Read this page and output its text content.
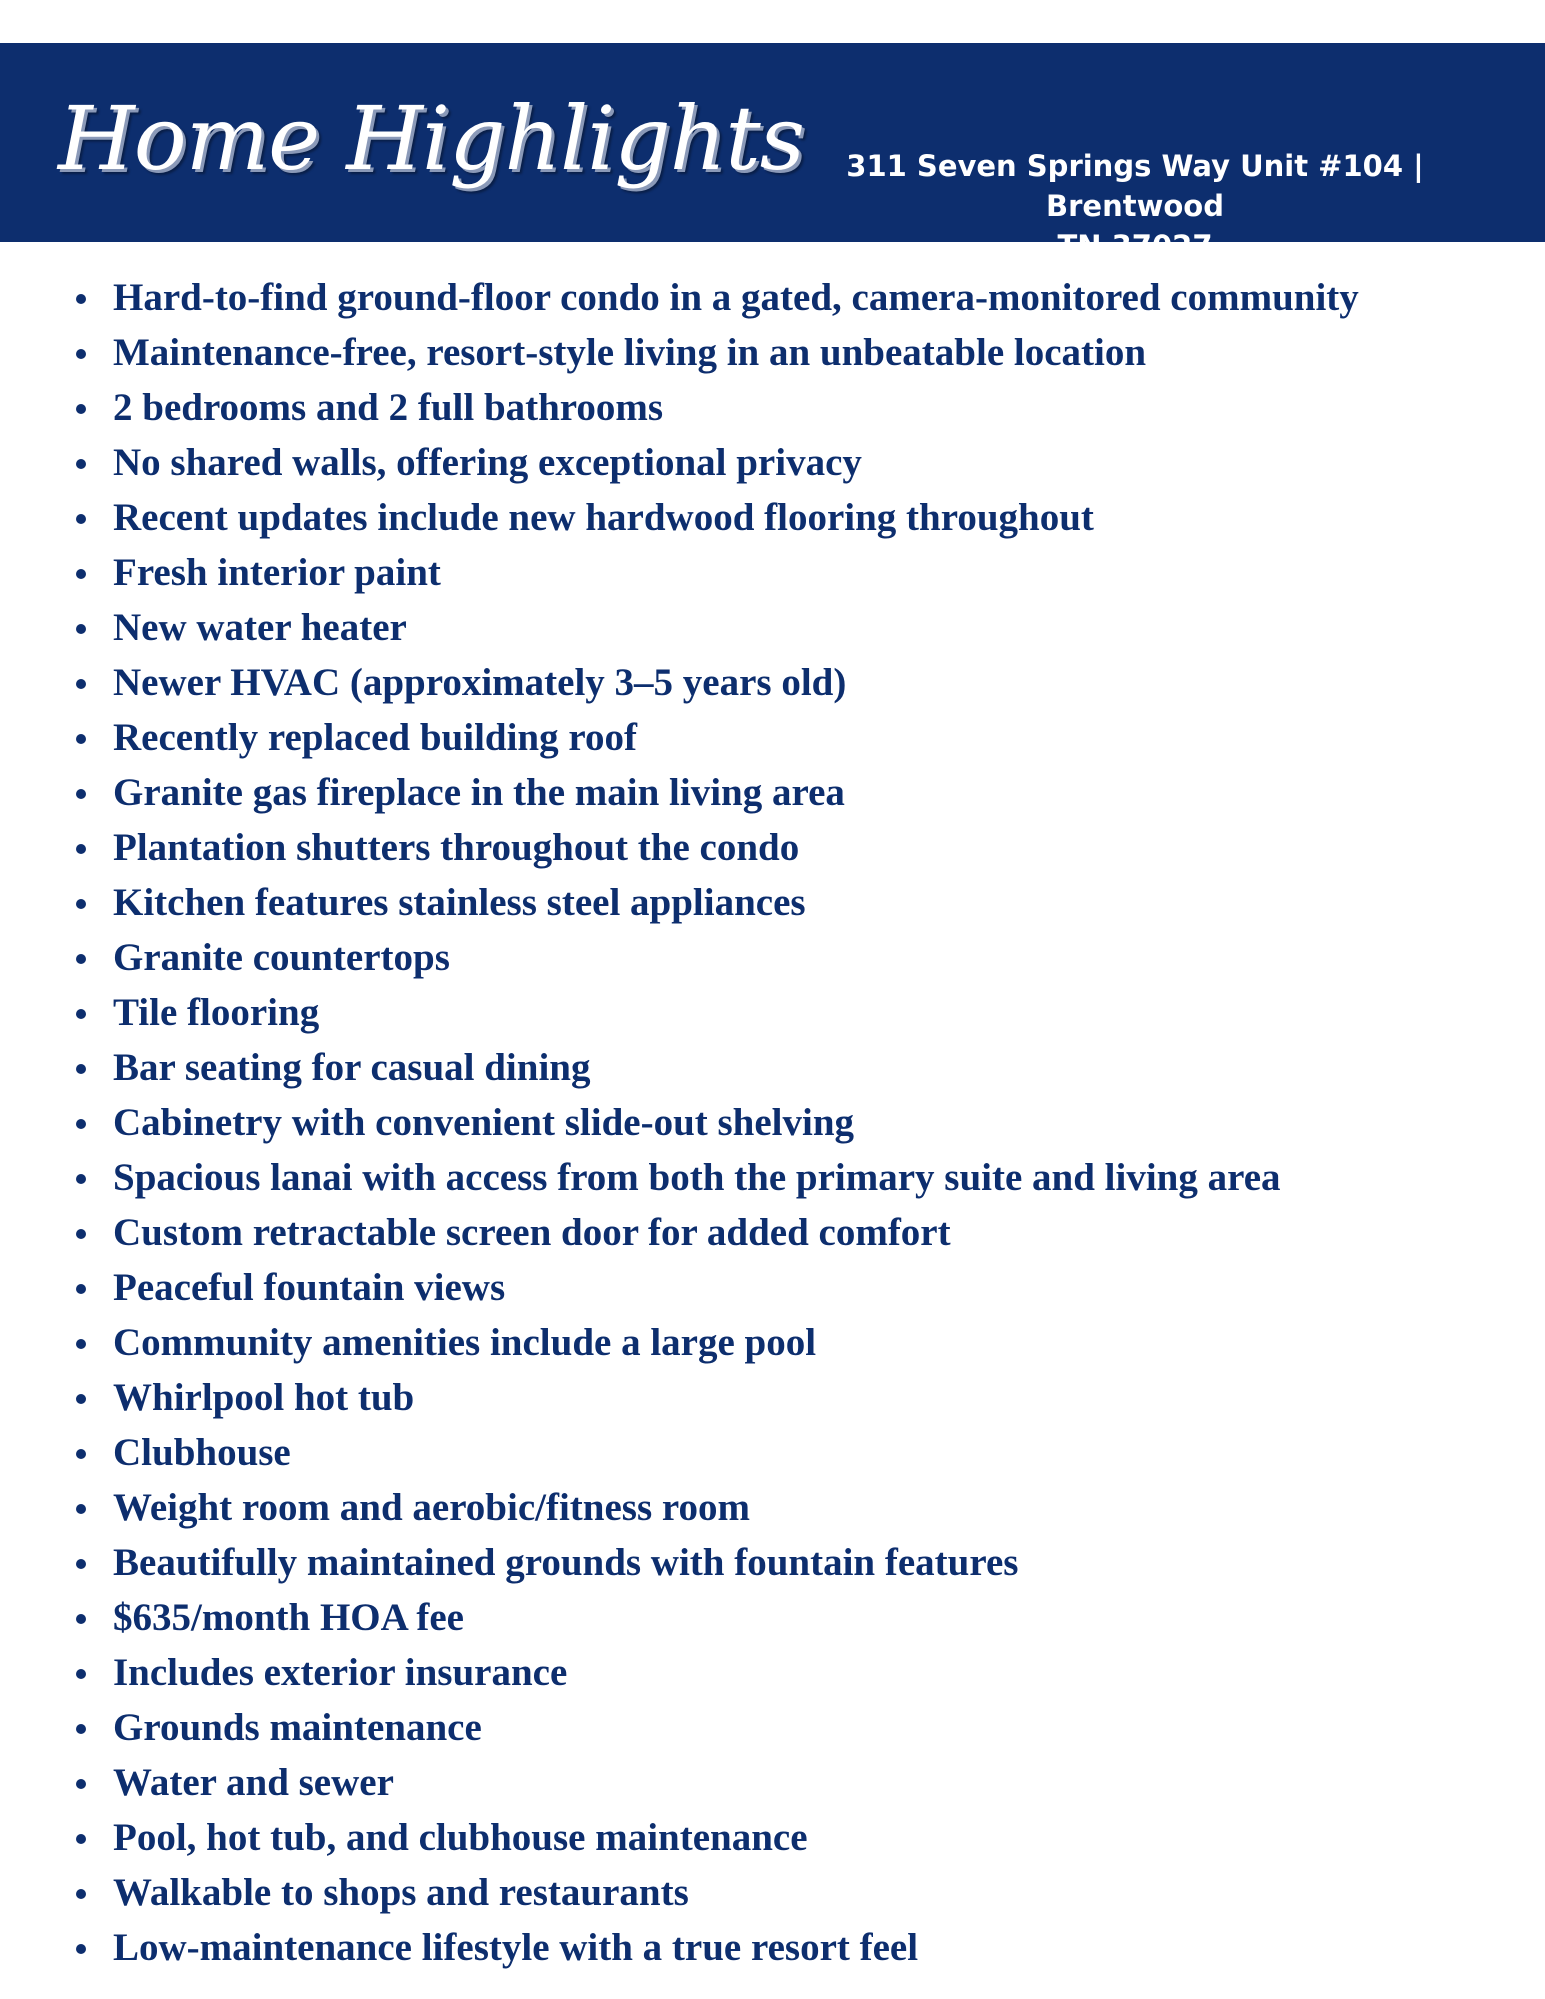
Home Highlights	311 Seven Springs Way Unit #104 | Brentwood
TN 37027
Hard-to-find ground-floor condo in a gated, camera-monitored community
Maintenance-free, resort-style living in an unbeatable location
2 bedrooms and 2 full bathrooms
No shared walls, offering exceptional privacy
Recent updates include new hardwood flooring throughout
Fresh interior paint
New water heater
Newer HVAC (approximately 3–5 years old)
Recently replaced building roof
Granite gas fireplace in the main living area
Plantation shutters throughout the condo
Kitchen features stainless steel appliances
Granite countertops
Tile flooring
Bar seating for casual dining
Cabinetry with convenient slide-out shelving
Spacious lanai with access from both the primary suite and living area
Custom retractable screen door for added comfort
Peaceful fountain views
Community amenities include a large pool
Whirlpool hot tub
Clubhouse
Weight room and aerobic/fitness room
Beautifully maintained grounds with fountain features
$635/month HOA fee
Includes exterior insurance
Grounds maintenance
Water and sewer
Pool, hot tub, and clubhouse maintenance
Walkable to shops and restaurants
Low-maintenance lifestyle with a true resort feel
